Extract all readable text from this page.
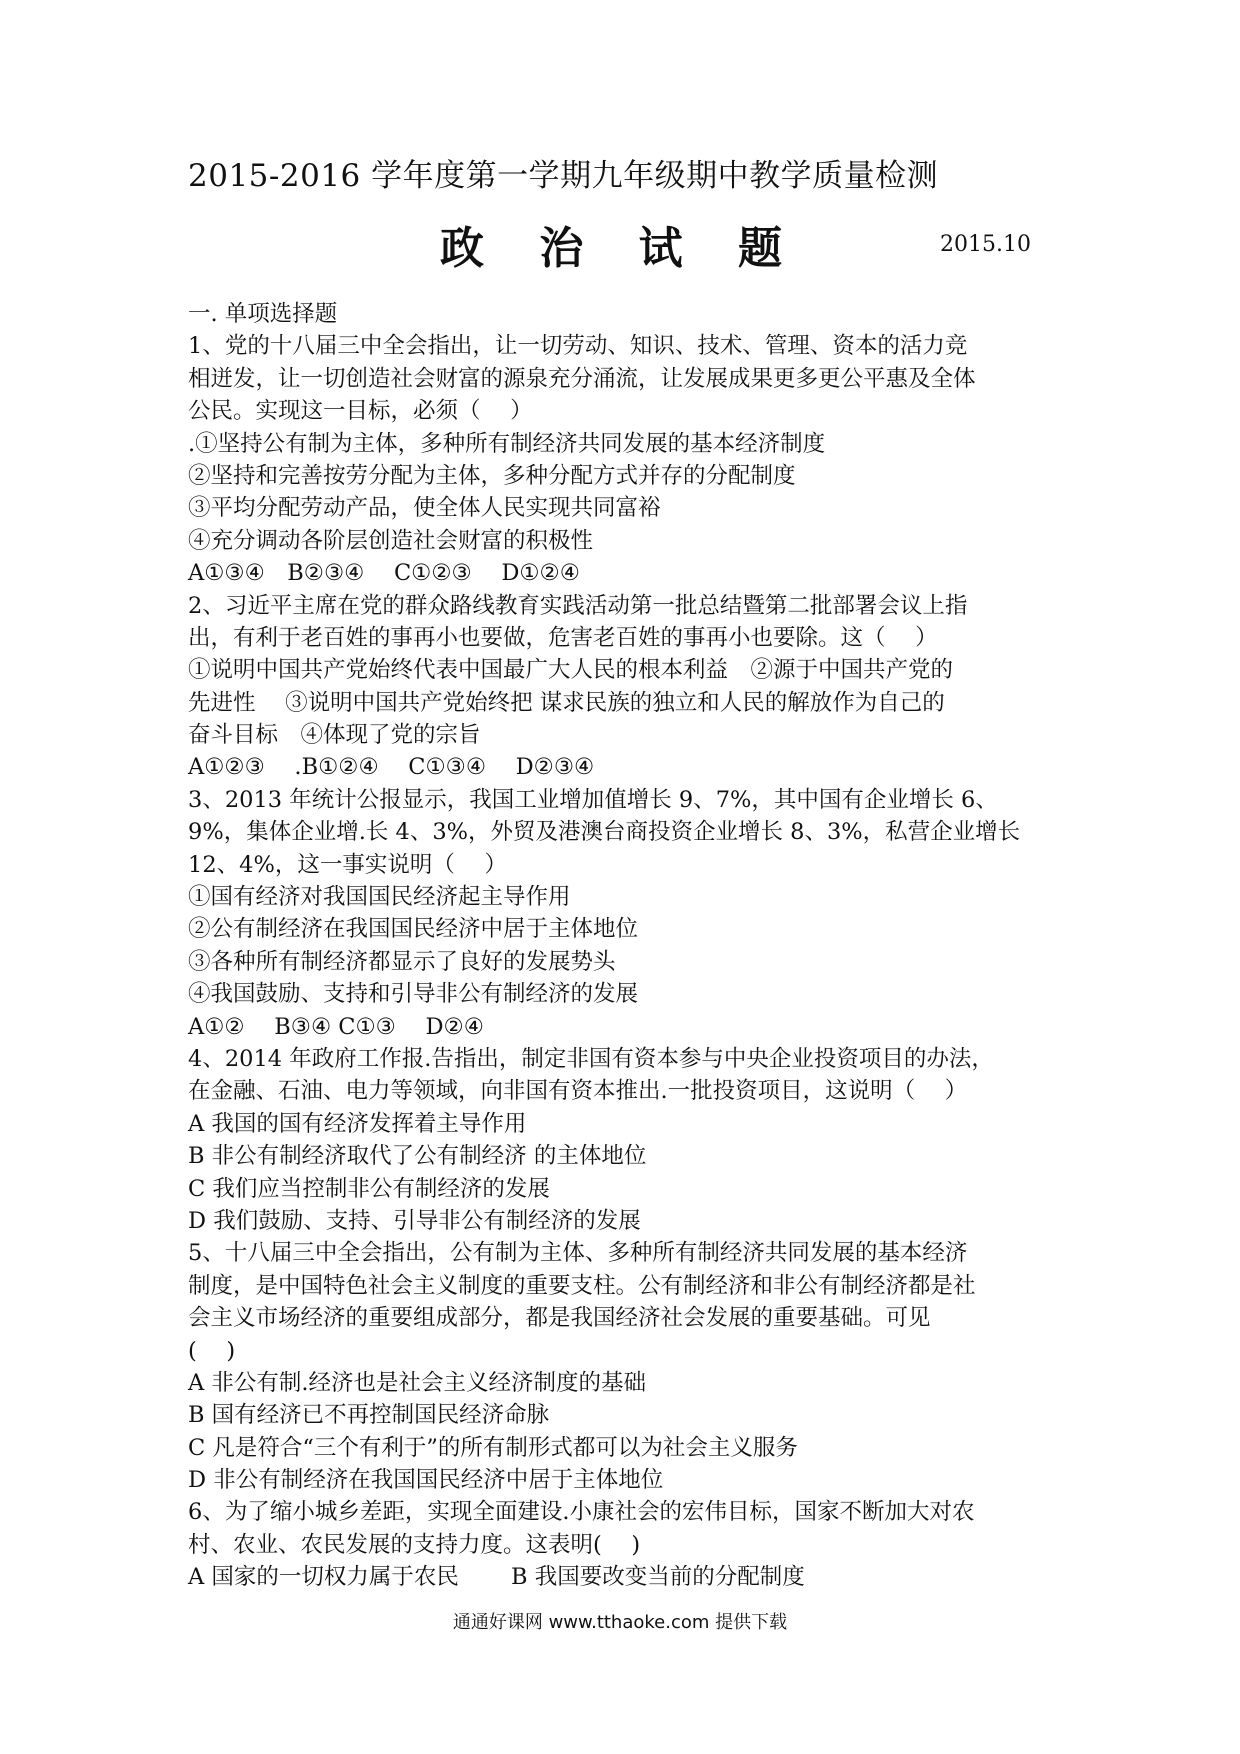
2015-2016 学年度第一学期九年级期中教学质量检测
政 治 试 题	2015.10
一. 单项选择题
1、党的十八届三中全会指出，让一切劳动、知识、技术、管理、资本的活力竞
相迸发，让一切创造社会财富的源泉充分涌流，让发展成果更多更公平惠及全体
公民。实现这一目标，必须（　 ）
.①坚持公有制为主体，多种所有制经济共同发展的基本经济制度
②坚持和完善按劳分配为主体，多种分配方式并存的分配制度
③平均分配劳动产品，使全体人民实现共同富裕
④充分调动各阶层创造社会财富的积极性
A①③④　B②③④　 C①②③ 　D①②④
2、习近平主席在党的群众路线教育实践活动第一批总结暨第二批部署会议上指
出，有利于老百姓的事再小也要做，危害老百姓的事再小也要除。这（　 ）
①说明中国共产党始终代表中国最广大人民的根本利益　②源于中国共产党的
先进性　 ③说明中国共产党始终把 谋求民族的独立和人民的解放作为自己的
奋斗目标　④体现了党的宗旨
A①②③　 .B①②④　 C①③④　 D②③④
3、2013 年统计公报显示，我国工业增加值增长 9、7%，其中国有企业增长 6、
9%，集体企业增.长 4、3%，外贸及港澳台商投资企业增长 8、3%，私营企业增长
12、4%，这一事实说明（　 ）
①国有经济对我国国民经济起主导作用
②公有制经济在我国国民经济中居于主体地位
③各种所有制经济都显示了良好的发展势头
④我国鼓励、支持和引导非公有制经济的发展
A①②　 B③④ C①③　 D②④
4、2014 年政府工作报.告指出，制定非国有资本参与中央企业投资项目的办法，
在金融、石油、电力等领域，向非国有资本推出.一批投资项目，这说明（　 ）
A 我国的国有经济发挥着主导作用
B 非公有制经济取代了公有制经济 的主体地位
C 我们应当控制非公有制经济的发展
D 我们鼓励、支持、引导非公有制经济的发展
5、十八届三中全会指出，公有制为主体、多种所有制经济共同发展的基本经济
制度，是中国特色社会主义制度的重要支柱。公有制经济和非公有制经济都是社
会主义市场经济的重要组成部分，都是我国经济社会发展的重要基础。可见
(　 )
A 非公有制.经济也是社会主义经济制度的基础
B 国有经济已不再控制国民经济命脉
C 凡是符合“三个有利于”的所有制形式都可以为社会主义服务
D 非公有制经济在我国国民经济中居于主体地位
6、为了缩小城乡差距，实现全面建设.小康社会的宏伟目标，国家不断加大对农
村、农业、农民发展的支持力度。这表明(　 )
A 国家的一切权力属于农民　　 B 我国要改变当前的分配制度
通通好课网 www.tthaoke.com 提供下载
